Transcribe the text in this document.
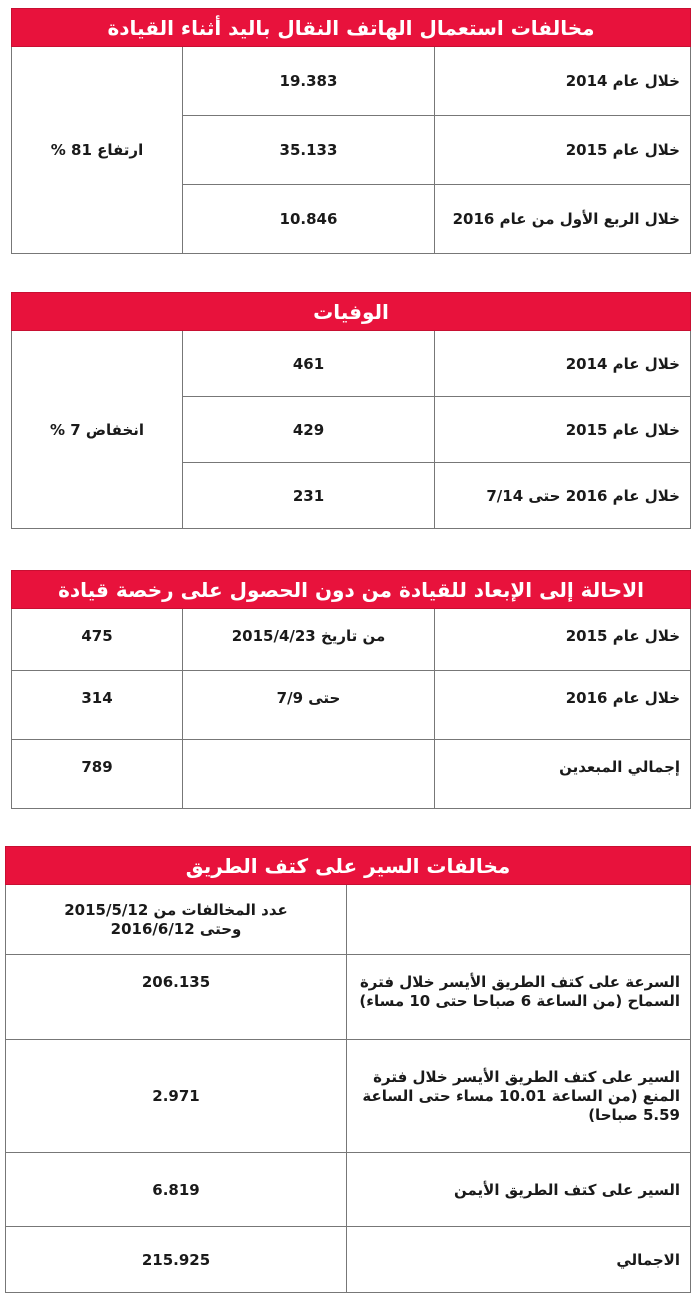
مخالفات استعمال الهاتف النقال باليد أثناء القيادة		
خلال عام 2014	19.383	ارتفاع 81 %
خلال عام 2015	35.133	
خلال الربع الأول من عام 2016	10.846	
الوفيات		
خلال عام 2014	461	انخفاض 7 %
خلال عام 2015	429	
خلال عام 2016 حتى 7/14	231	
الاحالة إلى الإبعاد للقيادة من دون الحصول على رخصة قيادة		
خلال عام 2015	من تاريخ 2015/4/23	475
خلال عام 2016	حتى 7/9	314
إجمالي المبعدين		789
مخالفات السير على كتف الطريق	
	عدد المخالفات من 2015/5/12 وحتى 2016/6/12
السرعة على كتف الطريق الأيسر خلال فترة السماح (من الساعة 6 صباحا حتى 10 مساء)	206.135
السير على كتف الطريق الأيسر خلال فترة المنع (من الساعة 10.01 مساء حتى الساعة 5.59 صباحا)	2.971
السير على كتف الطريق الأيمن	6.819
الاجمالي	215.925
